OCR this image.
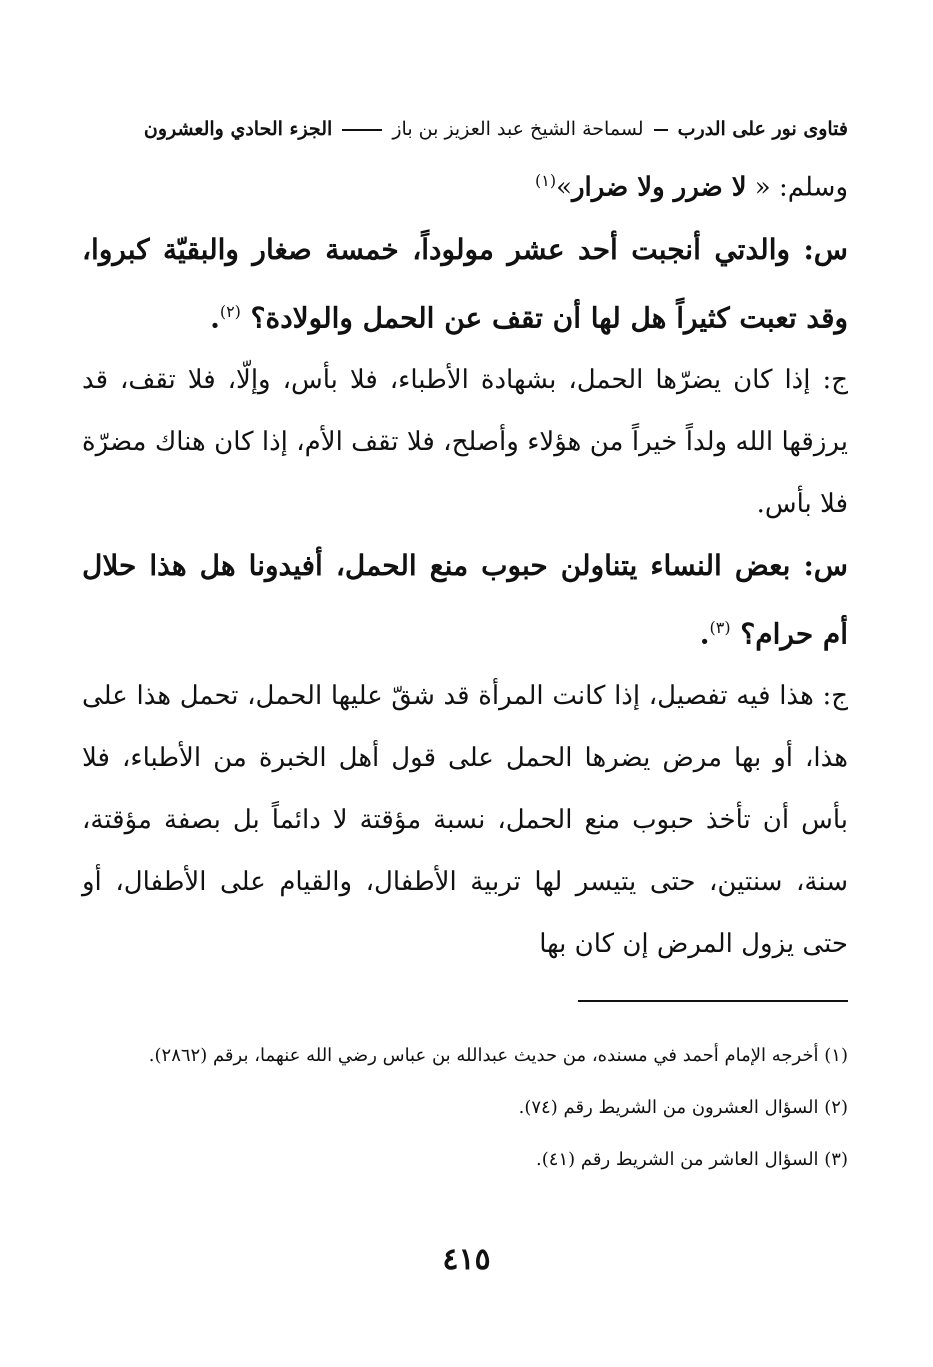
فتاوى نور على الدرب  لسماحة الشيخ عبد العزيز بن باز  الجزء الحادي والعشرون

وسلم: « لا ضرر ولا ضرار»$^{(١)}$

س: والدتي أنجبت أحد عشر مولوداً، خمسة صغار والبقيّة كبروا، وقد تعبت كثيراً هل لها أن تقف عن الحمل والولادة؟ $^{(٢)}$.

ج: إذا كان يضرّها الحمل، بشهادة الأطباء، فلا بأس، وإلّا، فلا تقف، قد يرزقها الله ولداً خيراً من هؤلاء وأصلح، فلا تقف الأم، إذا كان هناك مضرّة فلا بأس.

س: بعض النساء يتناولن حبوب منع الحمل، أفيدونا هل هذا حلال أم حرام؟ $^{(٣)}$.

ج: هذا فيه تفصيل، إذا كانت المرأة قد شقّ عليها الحمل، تحمل هذا على هذا، أو بها مرض يضرها الحمل على قول أهل الخبرة من الأطباء، فلا بأس أن تأخذ حبوب منع الحمل، نسبة مؤقتة لا دائماً بل بصفة مؤقتة، سنة، سنتين، حتى يتيسر لها تربية الأطفال، والقيام على الأطفال، أو حتى يزول المرض إن كان بها

(١) أخرجه الإمام أحمد في مسنده، من حديث عبدالله بن عباس رضي الله عنهما، برقم (٢٨٦٢).

(٢) السؤال العشرون من الشريط رقم (٧٤).

(٣) السؤال العاشر من الشريط رقم (٤١).

٤١٥
